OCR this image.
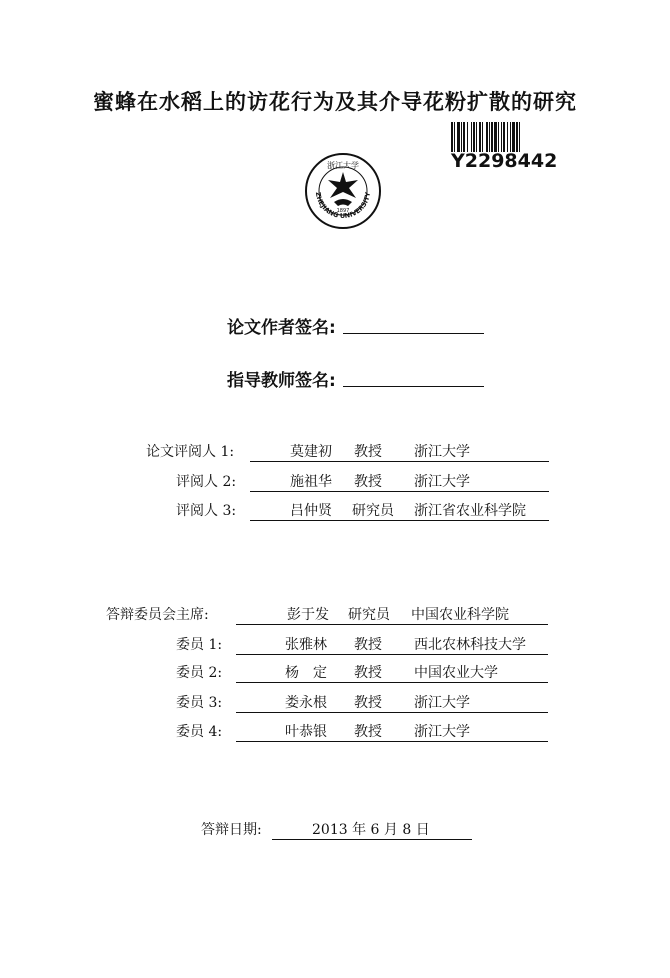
蜜蜂在水稻上的访花行为及其介导花粉扩散的研究
Y2298442
浙江大学
1897
ZHEJIANG UNIVERSITY
论文作者签名:
指导教师签名:
论文评阅人 1:	莫建初 教授 浙江大学
评阅人 2:	施祖华 教授 浙江大学
评阅人 3:	吕仲贤 研究员 浙江省农业科学院
答辩委员会主席:	彭于发 研究员 中国农业科学院
委员 1:	张雅林 教授 西北农林科技大学
委员 2:	杨　定 教授 中国农业大学
委员 3:	娄永根 教授 浙江大学
委员 4:	叶恭银 教授 浙江大学
答辩日期:	2013 年 6 月 8 日
